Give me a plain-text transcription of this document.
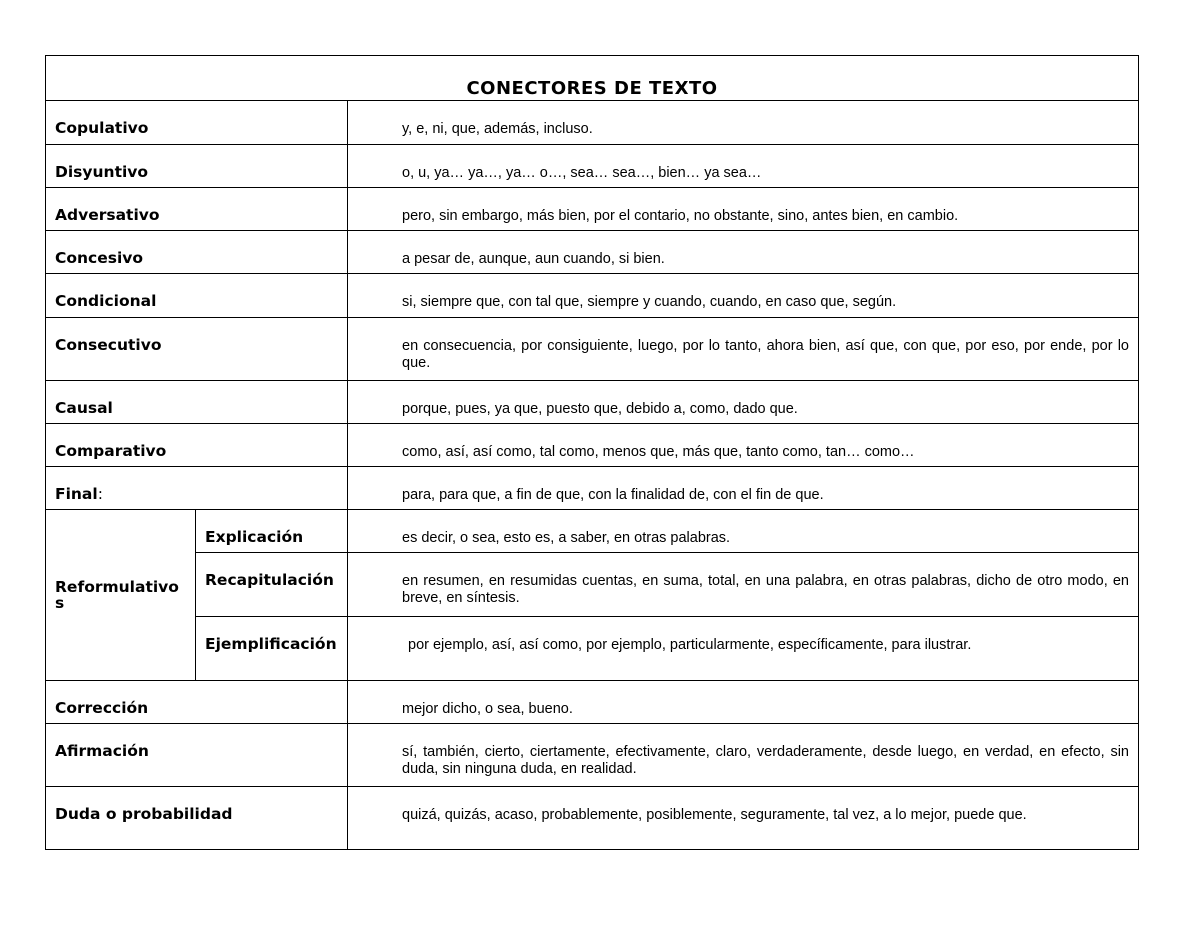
CONECTORES DE TEXTO		
Copulativo		y, e, ni, que, además, incluso.
Disyuntivo		o, u, ya… ya…, ya… o…, sea… sea…, bien… ya sea…
Adversativo		pero, sin embargo, más bien, por el contario, no obstante, sino, antes bien, en cambio.
Concesivo		a pesar de, aunque, aun cuando, si bien.
Condicional		si, siempre que, con tal que, siempre y cuando, cuando, en caso que, según.
Consecutivo		en consecuencia, por consiguiente, luego, por lo tanto, ahora bien, así que, con que, por eso, por ende, por lo que.
Causal		porque, pues, ya que, puesto que, debido a, como, dado que.
Comparativo		como, así, así como, tal como, menos que, más que, tanto como, tan… como…
Final:		para, para que, a fin de que, con la finalidad de, con el fin de que.
Reformulativos	Explicación	es decir, o sea, esto es, a saber, en otras palabras.
	Recapitulación	en resumen, en resumidas cuentas, en suma, total, en una palabra, en otras palabras, dicho de otro modo, en breve, en síntesis.
	Ejemplificación	por ejemplo, así, así como, por ejemplo, particularmente, específicamente, para ilustrar.
Corrección		mejor dicho, o sea, bueno.
Afirmación		sí, también, cierto, ciertamente, efectivamente, claro, verdaderamente, desde luego, en verdad, en efecto, sin duda, sin ninguna duda, en realidad.
Duda o probabilidad		quizá, quizás, acaso, probablemente, posiblemente, seguramente, tal vez, a lo mejor, puede que.
